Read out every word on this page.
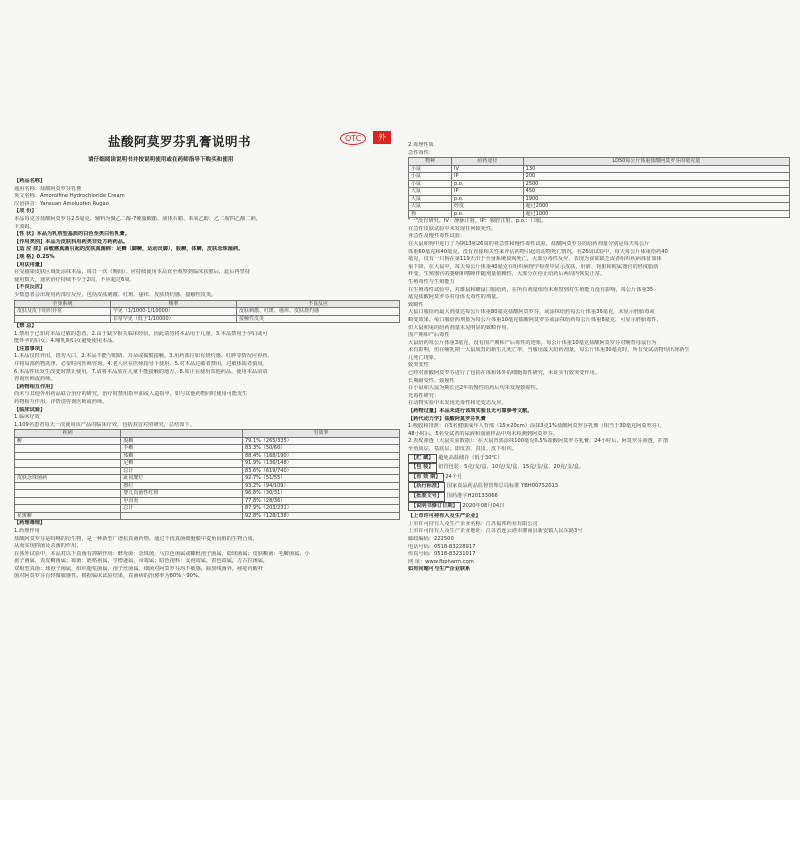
盐酸阿莫罗芬乳膏说明书	OTC	外
请仔细阅读说明书并按说明使用或在药师指导下购买和使用
【药品名称】
通用名称：盐酸阿莫罗芬乳膏
英文名称：Amorolfine Hydrochloride Cream
汉语拼音：Yansuan Amoluofen Rugao
【成 份】
本品每克含盐酸阿莫罗芬2.5毫克。辅料为聚乙二醇-7硬脂酸酯、液体石蜡、苯氧乙醇、乙二胺四乙酸二钠、
卡波姆。
【性 状】本品为乳剂型基质的白色至类白色乳膏。
【作用类别】本品为皮肤科用药类非处方药药品。
【适 应 症】由敏感真菌引起的皮肤真菌病：足癣（脚癣，运动员脚），股癣，体癣，皮肤念珠菌病。
【规 格】0.25%
【用法用量】
在受感染皮肤区域处涂抹本品，每日一次（晚间）。应持续使用本品直至观察到临床获愈后，此后再坚持
使用数天，通常治疗持续不少于2周，不应超过6周。
【不良反应】
少数患者会出现用药部位反应，包括皮肤刺激、红斑、瘙痒、皮肤烧灼感、接触性皮炎。
全身系统	频率	不良反应
皮肤及皮下组织异常	罕见（1/1000-1/10000）	皮肤刺激、红斑、瘙痒、皮肤烧灼感
	非常罕见（低于1/10000）	接触性皮炎
【禁 忌】
1.禁用于已知对本品过敏的患者。2.由于缺少相关临床经验，因此请勿将本品用于儿童。3.本品禁用于孕妇或可
能怀孕的妇女。4.哺乳期妇女避免使用本品。
【注意事项】
1.本品仅供外用，切勿入口。2.本品不能与眼睛、耳朵或黏膜接触。3.用药部位如有烧灼感、红肿等情况应停药，
并将局部药物洗净，必要时向医师咨询。4.老人应在医师指导下使用。5.对本品过敏者禁用，过敏体质者慎用。
6.本品性状发生改变时禁止使用。7.请将本品放在儿童不能接触的地方。8.如正在使用其他药品，使用本品前请
咨询医师或药师。
【药物相互作用】
尚未与其他外用药品联合治疗的研究，治疗时禁用指甲油或人造指甲。如与其他药物同时使用可能发生
药物相互作用，详情请咨询医师或药师。
【临床试验】
1.临床疗效
1,109名患者每天一次使用该产品的临床疗效，包括双盲对照研究，总结如下。
疾病		有效率
癣	股癣	79.1%（265/335）
	手癣	83.3%（50/60）
	体癣	88.4%（168/190）
	足癣	91.9%（136/148）
	总计	83.6%（619/740）
皮肤念珠菌病	趾间糜烂	92.7%（51/55）
	擦烂	93.2%（94/109）
	婴儿真菌性红斑	96.8%（30/31）
	甲沟炎	77.8%（28/36）
	总计	87.9%（203/231）
花斑癣		92.8%（128/138）
【药理毒理】
1.药理作用
盐酸阿莫罗芬是吗啉的衍生物，是一种新型广谱抗真菌药物。通过干扰真菌细胞膜中麦角甾醇的生物合成，
从而实现抑菌及杀菌的作用。
在体外试验中，本品对以下真菌有抑制作用：酵母菌：念珠菌，马拉色菌属或糠秕孢子菌属，隐球菌属；皮肤癣菌：毛癣菌属、小
孢子菌属，表皮癣菌属；霉菌：链格孢属，亨德逊属，帚霉属；暗色孢科：支孢霉属，着色霉属，万古拉菌属，
双相型真菌：球孢子菌属，组织胞浆菌属，孢子丝菌属。细菌对阿莫罗芬均不敏感，除放线菌外。痤疮丙酸杆
菌对阿莫罗芬有轻微敏感性。根据临床试验结果，真菌病的治愈率为80%～90%。
2.毒理性质
急性毒性：
物种	给药途径	LD50每公斤体重盐酸阿莫罗芬的毫克量
小鼠	IV	130
小鼠	IP	200
小鼠	p.o.	2500
大鼠	IP	450
大鼠	p.o.	1900
大鼠	经皮	超过2000
狗	p.o.	超过1000
"一"没有研究。IV：静脉注射。IP：腹腔注射。p.o.：口服。
在急性皮肤试验中未发现任何致死性。
亚急性及慢性毒性试验：
在大鼠和狗中进行了为期13和26周的亚急性和慢性毒性试验，盐酸阿莫罗芬的给药剂量分别是每天每公斤
体重60毫克和40毫克，没有直接相关性来评估药物引起的动物死亡情况。在26周试验中，每天每公斤体重给药40
毫克，仅有一只狗在第119天出于全身系统衰竭死亡，大部分毒性反应，表现为食欲缺乏或者组织疾病体征如体
重下降，在大鼠中，每天每公斤体重40毫克在组织病理学检查中显示皮肤、肝脏、肾脏和附属器官的轻度脂肪
样变，生殖器官的萎缩和嗜睡伴随剂量依赖性，大部分在停止给药后两周内恢复正常。
生殖毒性与生殖能力
在生殖毒性试验中，对雄鼠和雌鼠口服给药，在所有剂量组均未观察到对生殖能力没有影响，每公斤体重35
毫克盐酸阿莫罗芬对母体无毒性的剂量。
致畸性
大鼠口服给药最大剂量达每公斤体重80毫克盐酸阿莫罗芬，或涂抹给药每公斤体重36毫克，未显示胚胎毒或
畸变效果。兔口服给药剂量为每公斤体重10毫克盐酸阿莫罗芬或涂抹给药每公斤体重8毫克，可显示胚胎毒性，
但大鼠和兔的给药剂量未见明显的致畸作用。
围产期和产后毒性
大鼠给药每公斤体重3毫克，没有围产期和产后毒性的迹象，每公斤体重10毫克盐酸阿莫罗芬对哺育母鼠行为
未有影响，但在哺乳期一大鼠成育的新生儿死亡率，当服用最大给药剂量，每公斤体重30毫克时，所有受试动物均出现新生
儿死亡现象。
致突变性
已经对盐酸阿莫罗芬进行了包括在体和体外的细胞毒性研究，未证实有致突变作用。
长期耐受性、致癌性
在小鼠和大鼠为期长达2年的慢性给药后均未发现致癌性。
光毒性研究：
在动物实验中未发现光毒性和光变态反应。
【药物过量】本品未进行该项实验且无可靠参考文献。
【药代动力学】盐酸阿莫罗芬乳膏
1.吸收和排泄：在5名健康成年人背部（15×20cm）涂抹3克1%盐酸阿莫罗芬乳膏（相当于30毫克阿莫罗芬）。
48小时后，5名受试者的尿液和血液样品中均未检测到阿莫罗芬。
2.表皮渗透（大鼠实验数据）：在大鼠背部涂抹100毫克0.5%盐酸阿莫罗芬乳膏，24小时后，阿莫罗芬渗透，扩散
至角质层、基底层、即皮表、真皮、皮下组织。
【贮 藏】 避免高温储存（低于30℃）
【包 装】 铝管包装：5克/支/盒、10克/支/盒、15克/支/盒、20克/支/盒。
【有 效 期】 24个月
【执行标准】 国家食品药品监督管理总局标准 YBH00752013
【批准文号】 国药准字H20133066
【说明书修订日期】 2020年08月04日
【上市许可持有人及生产企业】
上市许可持有人及生产企业名称：江苏福邦药业有限公司
上市许可持有人及生产企业地址：江苏省连云港市灌南县新安镇人民东路3号
邮政编码：222500
电话号码：0518-83228917
传真号码：0518-83231017
网 址：www.fbpharm.com
如有问题可与生产企业联系
